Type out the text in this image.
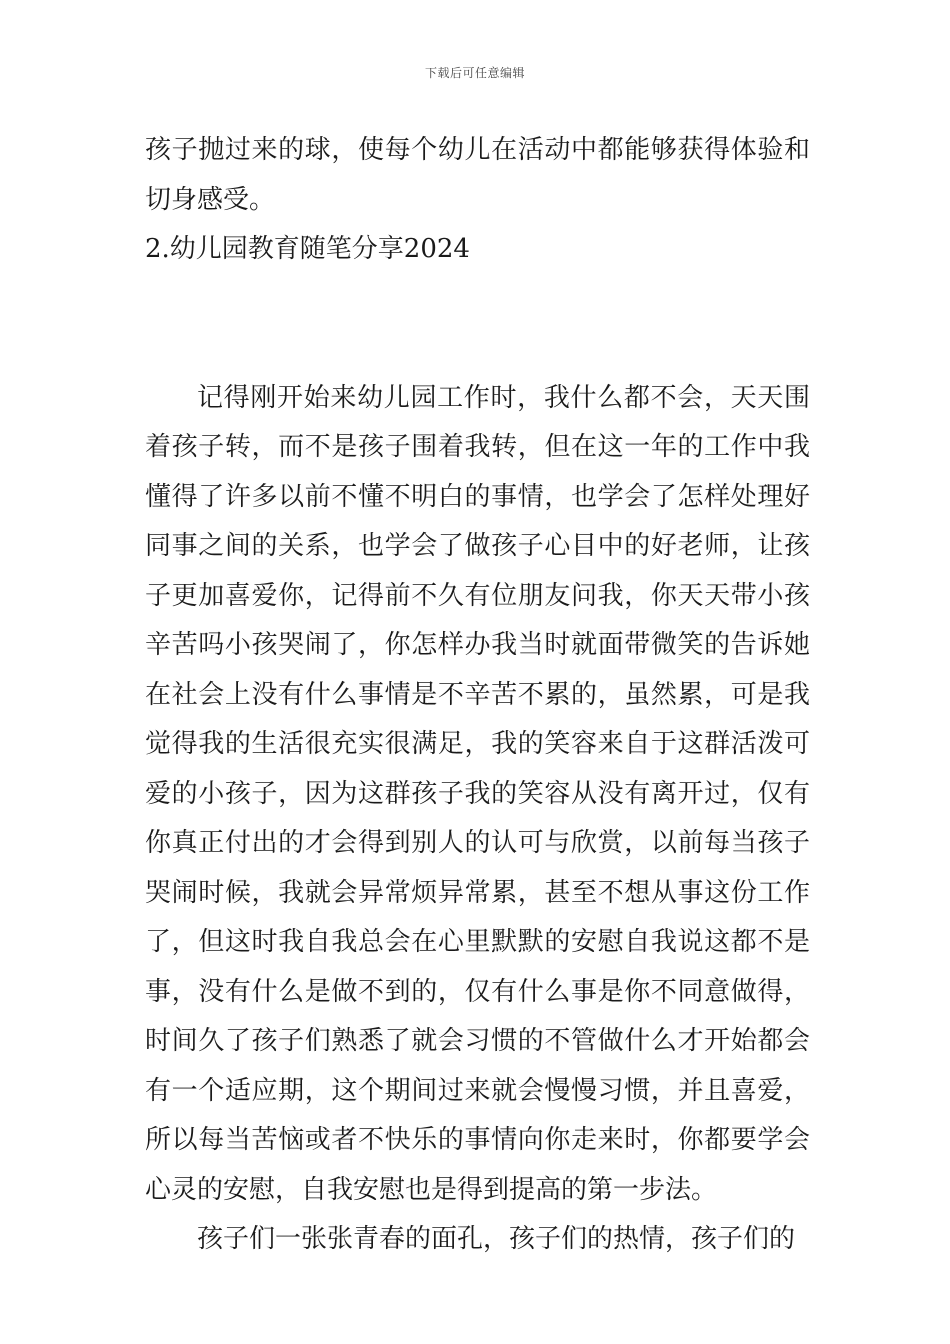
下载后可任意编辑

孩子抛过来的球，使每个幼儿在活动中都能够获得体验和切身感受。

2.幼儿园教育随笔分享2024

记得刚开始来幼儿园工作时，我什么都不会，天天围着孩子转，而不是孩子围着我转，但在这一年的工作中我懂得了许多以前不懂不明白的事情，也学会了怎样处理好同事之间的关系，也学会了做孩子心目中的好老师，让孩子更加喜爱你，记得前不久有位朋友问我，你天天带小孩辛苦吗小孩哭闹了，你怎样办我当时就面带微笑的告诉她在社会上没有什么事情是不辛苦不累的，虽然累，可是我觉得我的生活很充实很满足，我的笑容来自于这群活泼可爱的小孩子，因为这群孩子我的笑容从没有离开过，仅有你真正付出的才会得到别人的认可与欣赏，以前每当孩子哭闹时候，我就会异常烦异常累，甚至不想从事这份工作了，但这时我自我总会在心里默默的安慰自我说这都不是事，没有什么是做不到的，仅有什么事是你不同意做得，时间久了孩子们熟悉了就会习惯的不管做什么才开始都会有一个适应期，这个期间过来就会慢慢习惯，并且喜爱，所以每当苦恼或者不快乐的事情向你走来时，你都要学会心灵的安慰，自我安慰也是得到提高的第一步法。

孩子们一张张青春的面孔，孩子们的热情，孩子们的
